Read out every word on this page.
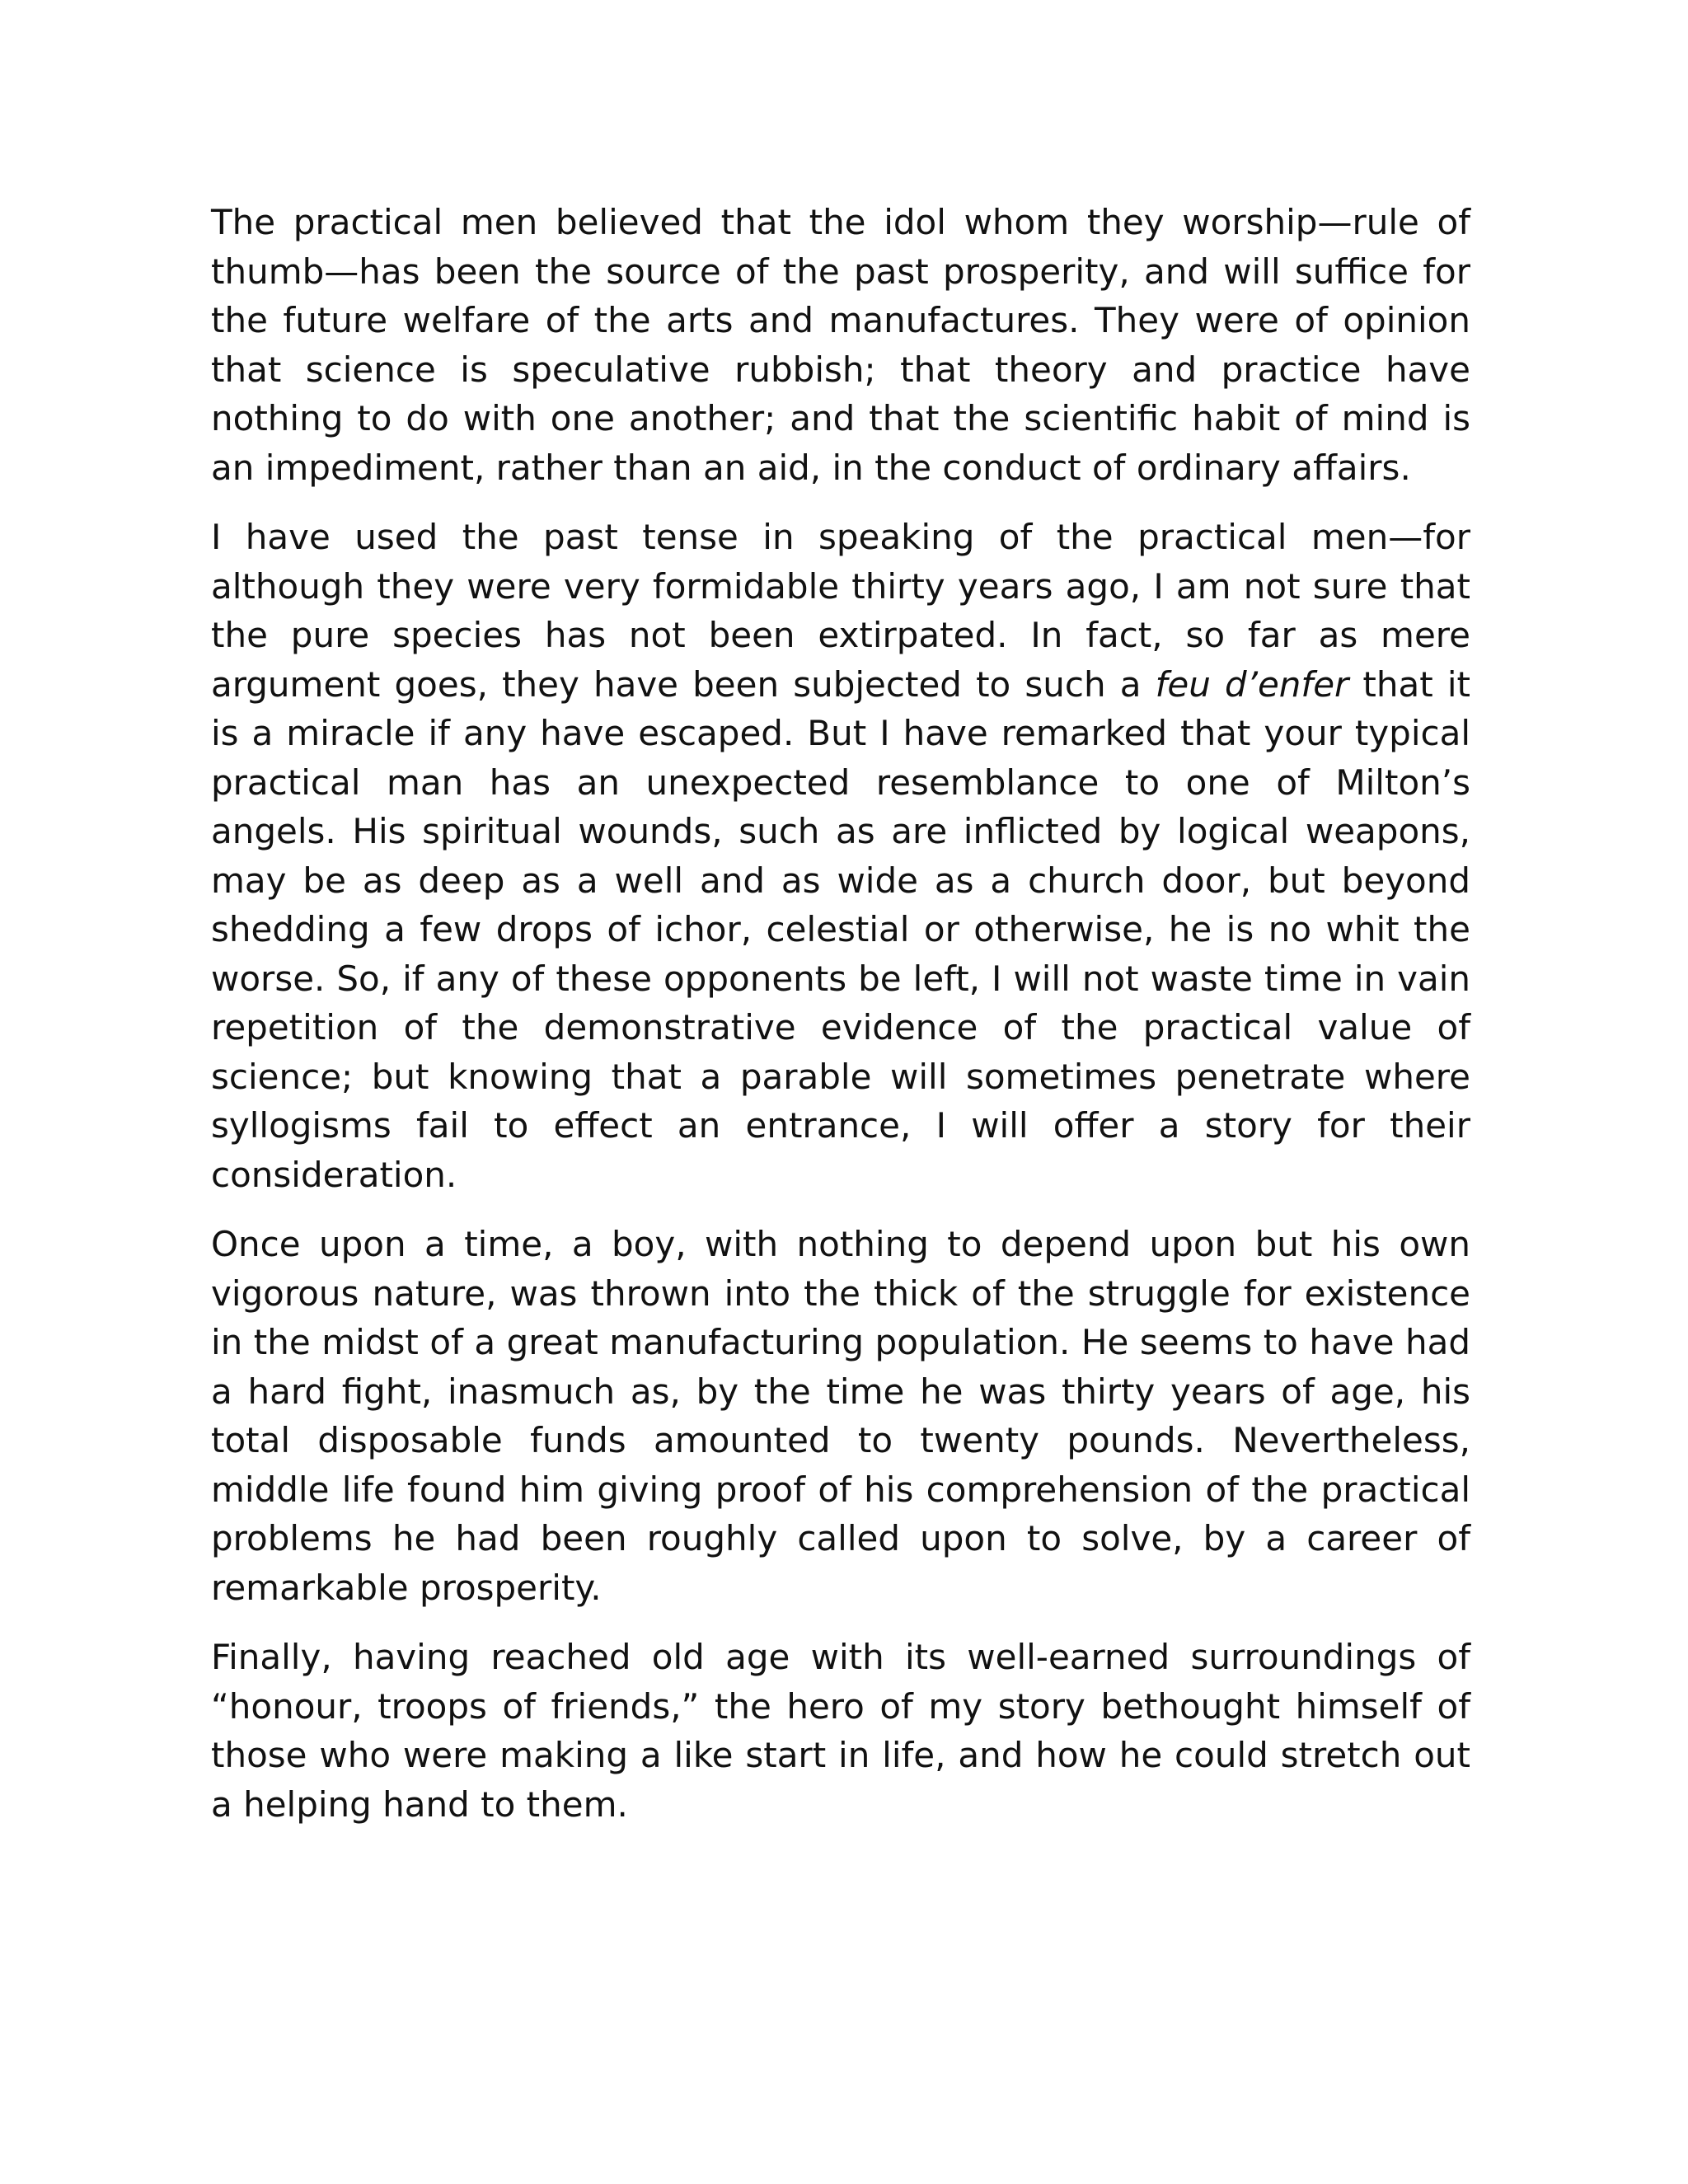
The practical men believed that the idol whom they worship—rule of thumb—has been the source of the past prosperity, and will suffice for the future welfare of the arts and manufactures. They were of opinion that science is speculative rubbish; that theory and practice have nothing to do with one another; and that the scientific habit of mind is an impediment, rather than an aid, in the conduct of ordinary affairs.

I have used the past tense in speaking of the practical men—for although they were very formidable thirty years ago, I am not sure that the pure species has not been extirpated. In fact, so far as mere argument goes, they have been subjected to such a feu d’enfer that it is a miracle if any have escaped. But I have remarked that your typical practical man has an unexpected resemblance to one of Milton’s angels. His spiritual wounds, such as are inflicted by logical weapons, may be as deep as a well and as wide as a church door, but beyond shedding a few drops of ichor, celestial or otherwise, he is no whit the worse. So, if any of these opponents be left, I will not waste time in vain repetition of the demonstrative evidence of the practical value of science; but knowing that a parable will sometimes penetrate where syllogisms fail to effect an entrance, I will offer a story for their consideration.

Once upon a time, a boy, with nothing to depend upon but his own vigorous nature, was thrown into the thick of the struggle for existence in the midst of a great manufacturing population. He seems to have had a hard fight, inasmuch as, by the time he was thirty years of age, his total disposable funds amounted to twenty pounds. Nevertheless, middle life found him giving proof of his comprehension of the practical problems he had been roughly called upon to solve, by a career of remarkable prosperity.

Finally, having reached old age with its well-earned surroundings of “honour, troops of friends,” the hero of my story bethought himself of those who were making a like start in life, and how he could stretch out a helping hand to them.
